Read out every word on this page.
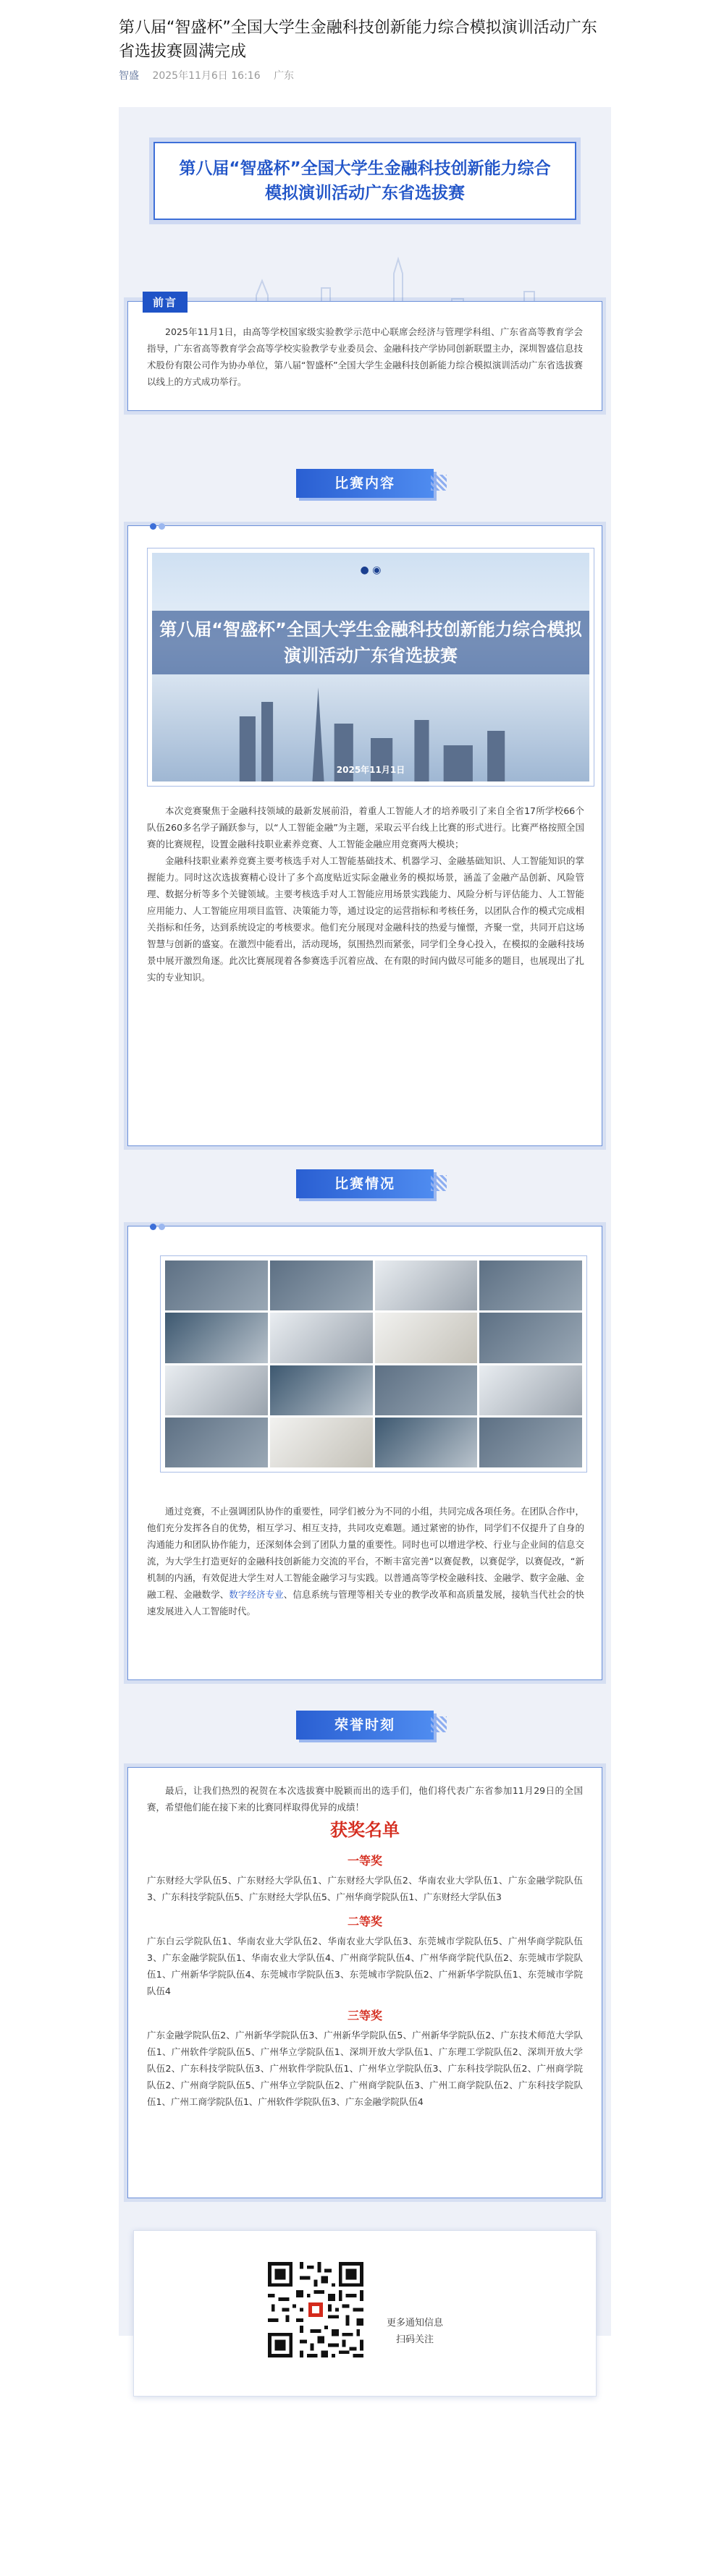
第八届“智盛杯”全国大学生金融科技创新能力综合模拟演训活动广东省选拔赛圆满完成
智盛 2025年11月6日 16:16 广东
第八届“智盛杯”全国大学生金融科技创新能力综合模拟演训活动广东省选拔赛
前言

2025年11月1日，由高等学校国家级实验教学示范中心联席会经济与管理学科组、广东省高等教育学会指导，广东省高等教育学会高等学校实验教学专业委员会、金融科技产学协同创新联盟主办，深圳智盛信息技术股份有限公司作为协办单位，第八届“智盛杯”全国大学生金融科技创新能力综合模拟演训活动广东省选拔赛以线上的方式成功举行。

比赛内容
● ◉
第八届“智盛杯”全国大学生金融科技创新能力综合模拟演训活动广东省选拔赛
2025年11月1日

本次竞赛聚焦于金融科技领域的最新发展前沿，着重人工智能人才的培养吸引了来自全省17所学校66个队伍260多名学子踊跃参与，以“人工智能金融”为主题，采取云平台线上比赛的形式进行。比赛严格按照全国赛的比赛规程，设置金融科技职业素养竞赛、人工智能金融应用竞赛两大模块；

金融科技职业素养竞赛主要考核选手对人工智能基础技术、机器学习、金融基础知识、人工智能知识的掌握能力。同时这次选拔赛精心设计了多个高度贴近实际金融业务的模拟场景，涵盖了金融产品创新、风险管理、数据分析等多个关键领域。主要考核选手对人工智能应用场景实践能力、风险分析与评估能力、人工智能应用能力、人工智能应用项目监管、决策能力等，通过设定的运营指标和考核任务，以团队合作的模式完成相关指标和任务，达到系统设定的考核要求。他们充分展现对金融科技的热爱与憧憬，齐聚一堂，共同开启这场智慧与创新的盛宴。在激烈中能看出，活动现场，氛围热烈而紧张，同学们全身心投入，在模拟的金融科技场景中展开激烈角逐。此次比赛展现着各参赛选手沉着应战、在有限的时间内做尽可能多的题目，也展现出了扎实的专业知识。

比赛情况

通过竞赛，不止强调团队协作的重要性，同学们被分为不同的小组，共同完成各项任务。在团队合作中，他们充分发挥各自的优势，相互学习、相互支持，共同攻克难题。通过紧密的协作，同学们不仅提升了自身的沟通能力和团队协作能力，还深刻体会到了团队力量的重要性。同时也可以增进学校、行业与企业间的信息交流，为大学生打造更好的金融科技创新能力交流的平台，不断丰富完善“以赛促教，以赛促学，以赛促改，“新机制的内涵，有效促进大学生对人工智能金融学习与实践。以普通高等学校金融科技、金融学、数字金融、金融工程、金融数学、数字经济专业、信息系统与管理等相关专业的教学改革和高质量发展，接轨当代社会的快速发展进入人工智能时代。

荣誉时刻

最后，让我们热烈的祝贺在本次选拔赛中脱颖而出的选手们，他们将代表广东省参加11月29日的全国赛，希望他们能在接下来的比赛同样取得优异的成绩！

获奖名单
一等奖
广东财经大学队伍5、广东财经大学队伍1、广东财经大学队伍2、华南农业大学队伍1、广东金融学院队伍3、广东科技学院队伍5、广东财经大学队伍5、广州华商学院队伍1、广东财经大学队伍3
二等奖
广东白云学院队伍1、华南农业大学队伍2、华南农业大学队伍3、东莞城市学院队伍5、广州华商学院队伍3、广东金融学院队伍1、华南农业大学队伍4、广州商学院队伍4、广州华商学院代队伍2、东莞城市学院队伍1、广州新华学院队伍4、东莞城市学院队伍3、东莞城市学院队伍2、广州新华学院队伍1、东莞城市学院队伍4
三等奖
广东金融学院队伍2、广州新华学院队伍3、广州新华学院队伍5、广州新华学院队伍2、广东技术师范大学队伍1、广州软件学院队伍5、广州华立学院队伍1、深圳开放大学队伍1、广东理工学院队伍2、深圳开放大学队伍2、广东科技学院队伍3、广州软件学院队伍1、广州华立学院队伍3、广东科技学院队伍2、广州商学院队伍2、广州商学院队伍5、广州华立学院队伍2、广州商学院队伍3、广州工商学院队伍2、广东科技学院队伍1、广州工商学院队伍1、广州软件学院队伍3、广东金融学院队伍4
更多通知信息
扫码关注
